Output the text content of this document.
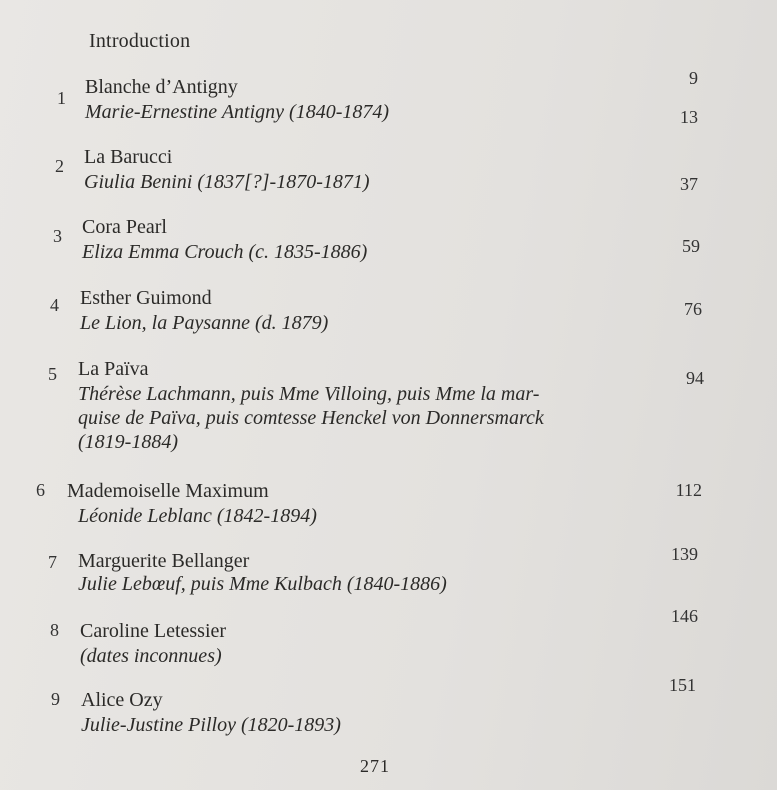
Introduction
1 Blanche d’Antigny
Marie-Ernestine Antigny (1840-1874)
9
13
2 La Barucci
Giulia Benini (1837[?]-1870-1871)	37
3 Cora Pearl
Eliza Emma Crouch (c. 1835-1886)	59
4 Esther Guimond
Le Lion, la Paysanne (d. 1879)
76
5 La Païva
Thérèse Lachmann, puis Mme Villoing, puis Mme la mar-
quise de Païva, puis comtesse Henckel von Donnersmarck
(1819-1884)
94
6 Mademoiselle Maximum
Léonide Leblanc (1842-1894)
112
7 Marguerite Bellanger
Julie Lebœuf, puis Mme Kulbach (1840-1886)
139
8 Caroline Letessier
(dates inconnues)
146
9 Alice Ozy
Julie-Justine Pilloy (1820-1893)
151
271
